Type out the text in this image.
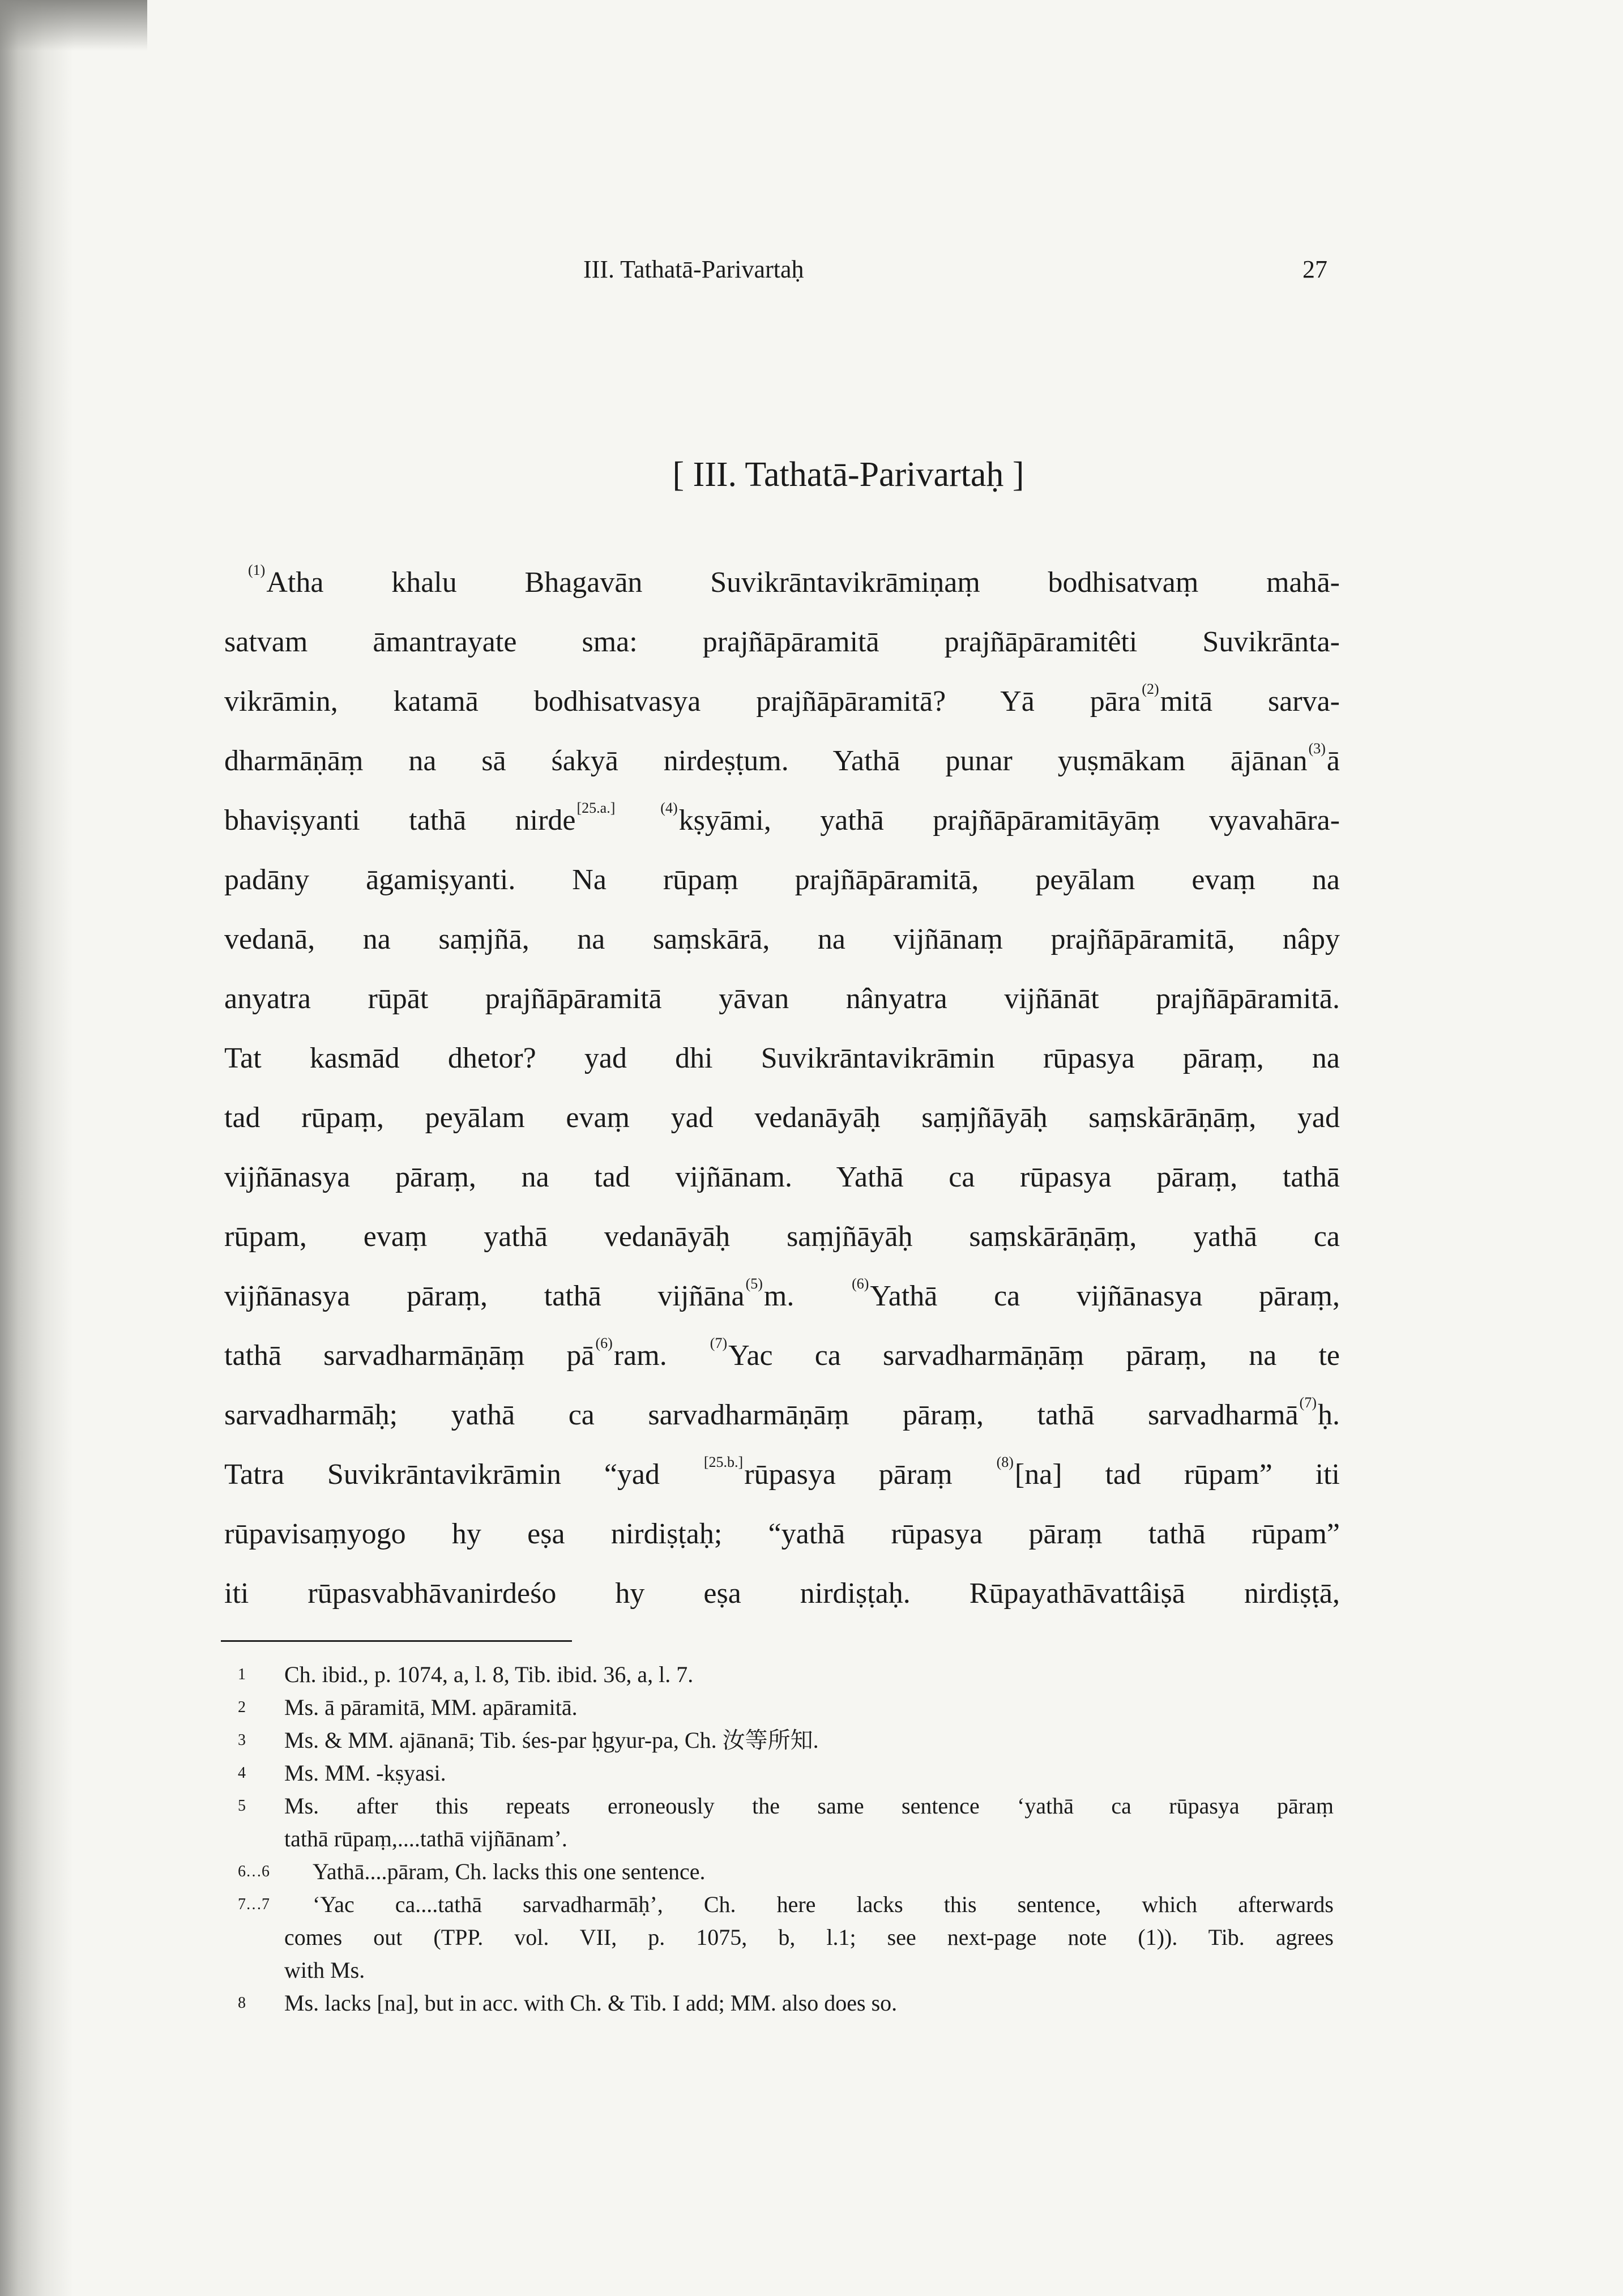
III. Tathatā-Parivartaḥ	27
[ III. Tathatā-Parivartaḥ ]
$^{(1)}$Atha khalu Bhagavān Suvikrāntavikrāmiṇaṃ bodhisatvaṃ mahā-
satvam āmantrayate sma: prajñāpāramitā prajñāpāramitêti Suvikrānta-
vikrāmin, katamā bodhisatvasya prajñāpāramitā? Yā pāra$^{(2)}$mitā sarva-
dharmāṇāṃ na sā śakyā nirdeṣṭum. Yathā punar yuṣmākam ājānan$^{(3)}$ā
bhaviṣyanti tathā nirde$^{[25.a.] (4)}$kṣyāmi, yathā prajñāpāramitāyāṃ vyavahāra-
padāny āgamiṣyanti. Na rūpaṃ prajñāpāramitā, peyālam evaṃ na
vedanā, na saṃjñā, na saṃskārā, na vijñānaṃ prajñāpāramitā, nâpy
anyatra rūpāt prajñāpāramitā yāvan nânyatra vijñānāt prajñāpāramitā.
Tat kasmād dhetor? yad dhi Suvikrāntavikrāmin rūpasya pāraṃ, na
tad rūpaṃ, peyālam evaṃ yad vedanāyāḥ saṃjñāyāḥ saṃskārāṇāṃ, yad
vijñānasya pāraṃ, na tad vijñānam. Yathā ca rūpasya pāraṃ, tathā
rūpam, evaṃ yathā vedanāyāḥ saṃjñāyāḥ saṃskārāṇāṃ, yathā ca
vijñānasya pāraṃ, tathā vijñāna$^{(5)}$m. $^{(6)}$Yathā ca vijñānasya pāraṃ,
tathā sarvadharmāṇāṃ $pā^{(6)}ram$. $^{(7)}$Yac ca sarvadharmāṇāṃ pāraṃ, na te
sarvadharmāḥ; yathā ca sarvadharmāṇāṃ pāraṃ, tathā sarvadharmā$^{(7)}$ḥ.
Tatra Suvikrāntavikrāmin “yad [25.b.]rūpasya pāraṃ $^{(8)}$[na] tad rūpam” iti
rūpavisaṃyogo hy eṣa nirdiṣṭaḥ; “yathā rūpasya pāraṃ tathā rūpam”
iti rūpasvabhāvanirdeśo hy eṣa nirdiṣṭaḥ. Rūpayathāvattâiṣā nirdiṣṭā,
1	Ch. ibid., p. 1074, a, l. 8, Tib. ibid. 36, a, l. 7.
2	Ms. ā pāramitā, MM. apāramitā.
3	Ms. & MM. ajānanā; Tib. śes-par ḥgyur-pa, Ch. 汝等所知.
4	Ms. MM. -kṣyasi.
5	Ms. after this repeats erroneously the same sentence ‘yathā ca rūpasya pāraṃ
tathā rūpaṃ,....tathā vijñānam’.
6…6	Yathā....pāram, Ch. lacks this one sentence.
7…7	‘Yac ca....tathā sarvadharmāḥ’, Ch. here lacks this sentence, which afterwards
comes out (TPP. vol. VII, p. 1075, b, l.1; see next-page note (1)). Tib. agrees
with Ms.
8	Ms. lacks [na], but in acc. with Ch. & Tib. I add; MM. also does so.
